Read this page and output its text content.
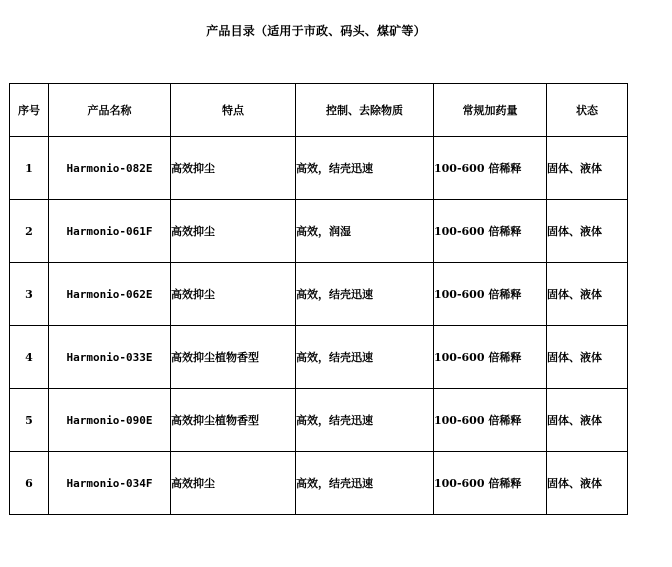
产品目录（适用于市政、码头、煤矿等）
序号	产品名称	特点	控制、去除物质	常规加药量	状态
1	Harmonio-082E	高效抑尘	高效，结壳迅速	100-600 倍稀释	固体、液体
2	Harmonio-061F	高效抑尘	高效，润湿	100-600 倍稀释	固体、液体
3	Harmonio-062E	高效抑尘	高效，结壳迅速	100-600 倍稀释	固体、液体
4	Harmonio-033E	高效抑尘植物香型	高效，结壳迅速	100-600 倍稀释	固体、液体
5	Harmonio-090E	高效抑尘植物香型	高效，结壳迅速	100-600 倍稀释	固体、液体
6	Harmonio-034F	高效抑尘	高效，结壳迅速	100-600 倍稀释	固体、液体
